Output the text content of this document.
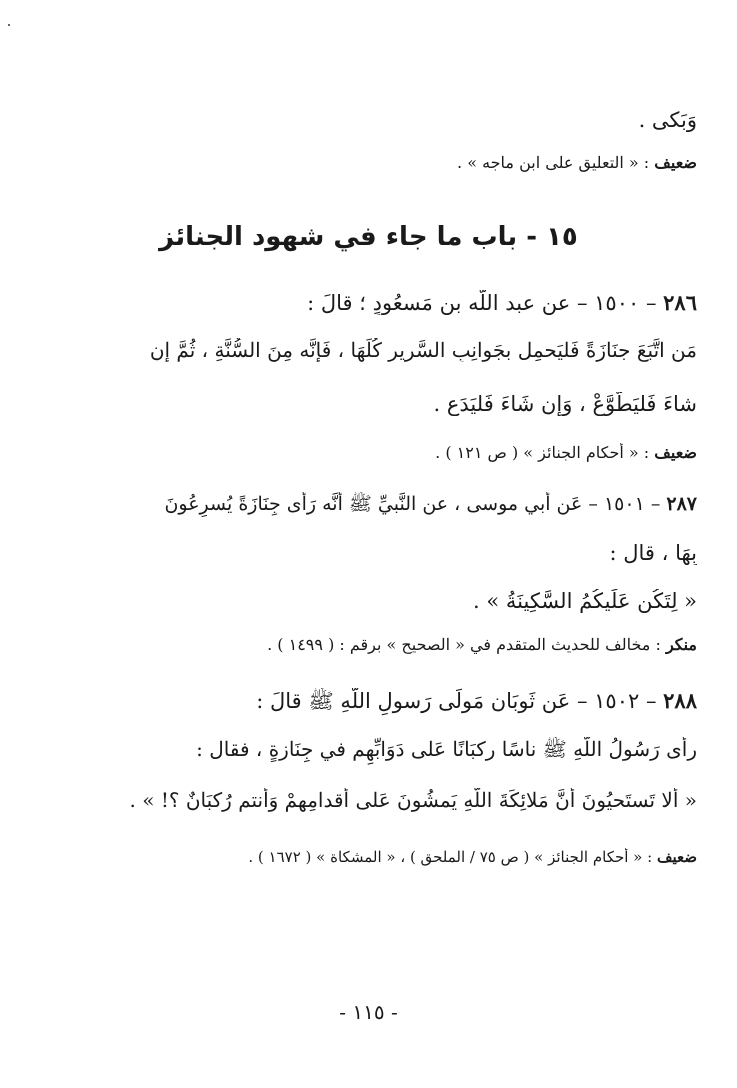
وَبَكى .
ضعيف : « التعليق على ابن ماجه » .
١٥ - باب ما جاء في شهود الجنائز
٢٨٦ – ١٥٠٠ – عن عبد اللّه بن مَسعُودٍ ؛ قالَ :
مَن اتَّبَعَ جنَازَةً فَليَحمِل بجَوانِبِ السَّرِيرِ كُلِّهَا ، فَإِنَّه مِنَ السُّنَّةِ ، ثُمَّ إِن
شاءَ فَليَطَّوَّعْ ، وَإِن شَاءَ فَليَدَع .
ضعيف : « أحكام الجنائز » ( ص ١٢١ ) .
٢٨٧ – ١٥٠١ – عَن أَبي موسى ، عن النَّبيِّ ﷺ أَنَّه رَأى جِنَازَةً يُسرِعُونَ
بِهَا ، قال :
« لِتَكُن عَلَيكُمُ السَّكِينَةُ » .
منكر : مخالف للحديث المتقدم في « الصحيح » برقم : ( ١٤٩٩ ) .
٢٨٨ – ١٥٠٢ – عَن ثَوبَان مَولَى رَسولِ اللّهِ ﷺ قالَ :
رأى رَسُولُ اللّهِ ﷺ ناسًا ركبَانًا عَلى دَوَابِّهِم في جِنَازةٍ ، فقال :
« أَلا تَستَحيُونَ أَنَّ مَلائِكَةَ اللّهِ يَمشُونَ عَلى أَقدامِهِمْ وَأَنتم رُكبَانٌ ؟! » .
ضعيف : « أحكام الجنائز » ( ص ٧٥ / الملحق ) ، « المشكاة » ( ١٦٧٢ ) .
- ١١٥ -
